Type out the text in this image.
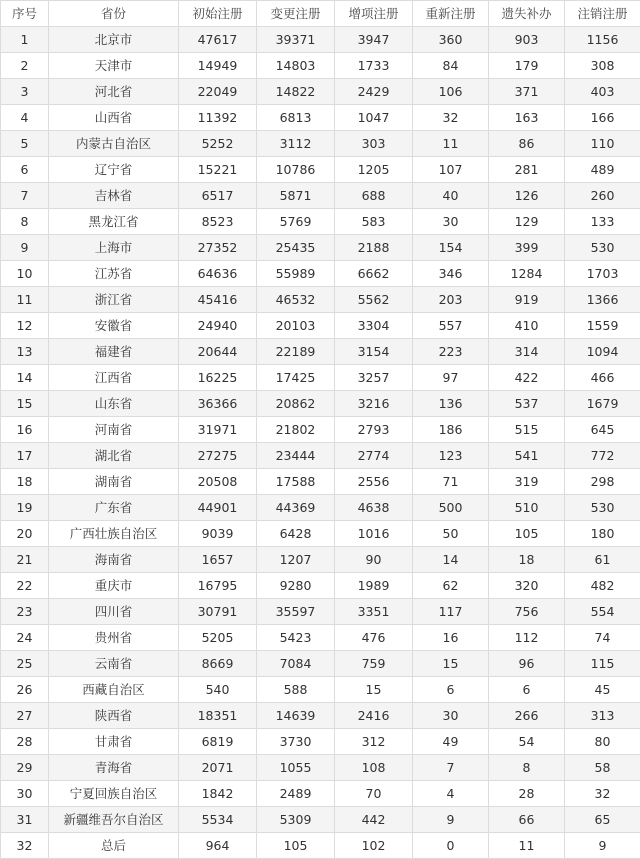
序号	省份	初始注册	变更注册	增项注册	重新注册	遗失补办	注销注册
1	北京市	47617	39371	3947	360	903	1156
2	天津市	14949	14803	1733	84	179	308
3	河北省	22049	14822	2429	106	371	403
4	山西省	11392	6813	1047	32	163	166
5	内蒙古自治区	5252	3112	303	11	86	110
6	辽宁省	15221	10786	1205	107	281	489
7	吉林省	6517	5871	688	40	126	260
8	黑龙江省	8523	5769	583	30	129	133
9	上海市	27352	25435	2188	154	399	530
10	江苏省	64636	55989	6662	346	1284	1703
11	浙江省	45416	46532	5562	203	919	1366
12	安徽省	24940	20103	3304	557	410	1559
13	福建省	20644	22189	3154	223	314	1094
14	江西省	16225	17425	3257	97	422	466
15	山东省	36366	20862	3216	136	537	1679
16	河南省	31971	21802	2793	186	515	645
17	湖北省	27275	23444	2774	123	541	772
18	湖南省	20508	17588	2556	71	319	298
19	广东省	44901	44369	4638	500	510	530
20	广西壮族自治区	9039	6428	1016	50	105	180
21	海南省	1657	1207	90	14	18	61
22	重庆市	16795	9280	1989	62	320	482
23	四川省	30791	35597	3351	117	756	554
24	贵州省	5205	5423	476	16	112	74
25	云南省	8669	7084	759	15	96	115
26	西藏自治区	540	588	15	6	6	45
27	陕西省	18351	14639	2416	30	266	313
28	甘肃省	6819	3730	312	49	54	80
29	青海省	2071	1055	108	7	8	58
30	宁夏回族自治区	1842	2489	70	4	28	32
31	新疆维吾尔自治区	5534	5309	442	9	66	65
32	总后	964	105	102	0	11	9
